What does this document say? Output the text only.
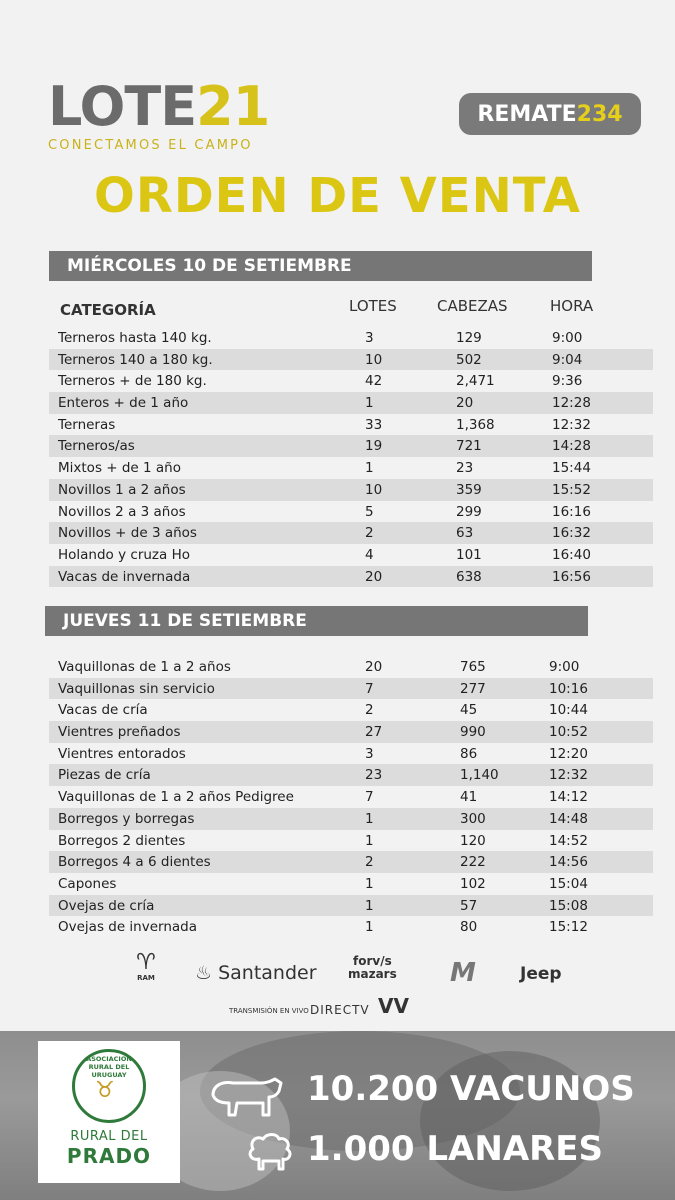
LOTE 21
CONECTAMOS EL CAMPO
REMATE 234
ORDEN DE VENTA
MIÉRCOLES 10 DE SETIEMBRE
CATEGORÍA	LOTES	CABEZAS	HORA
Terneros hasta 140 kg.	3	129	9:00
Terneros 140 a 180 kg.	10	502	9:04
Terneros + de 180 kg.	42	2,471	9:36
Enteros + de 1 año	1	20	12:28
Terneras	33	1,368	12:32
Terneros/as	19	721	14:28
Mixtos + de 1 año	1	23	15:44
Novillos 1 a 2 años	10	359	15:52
Novillos 2 a 3 años	5	299	16:16
Novillos + de 3 años	2	63	16:32
Holando y cruza Ho	4	101	16:40
Vacas de invernada	20	638	16:56
JUEVES 11 DE SETIEMBRE
Vaquillonas de 1 a 2 años	20	765	9:00
Vaquillonas sin servicio	7	277	10:16
Vacas de cría	2	45	10:44
Vientres preñados	27	990	10:52
Vientres entorados	3	86	12:20
Piezas de cría	23	1,140	12:32
Vaquillonas de 1 a 2 años Pedigree	7	41	14:12
Borregos y borregas	1	300	14:48
Borregos 2 dientes	1	120	14:52
Borregos 4 a 6 dientes	2	222	14:56
Capones	1	102	15:04
Ovejas de cría	1	57	15:08
Ovejas de invernada	1	80	15:12
♈
RAM	♨ Santander
forv/s
mazars M	Jeep
TRANSMISIÓN EN VIVO DIRECTV VV
ASOCIACION RURAL DEL URUGUAY
♉
RURAL DEL
PRADO
10.200 VACUNOS
1.000 LANARES
